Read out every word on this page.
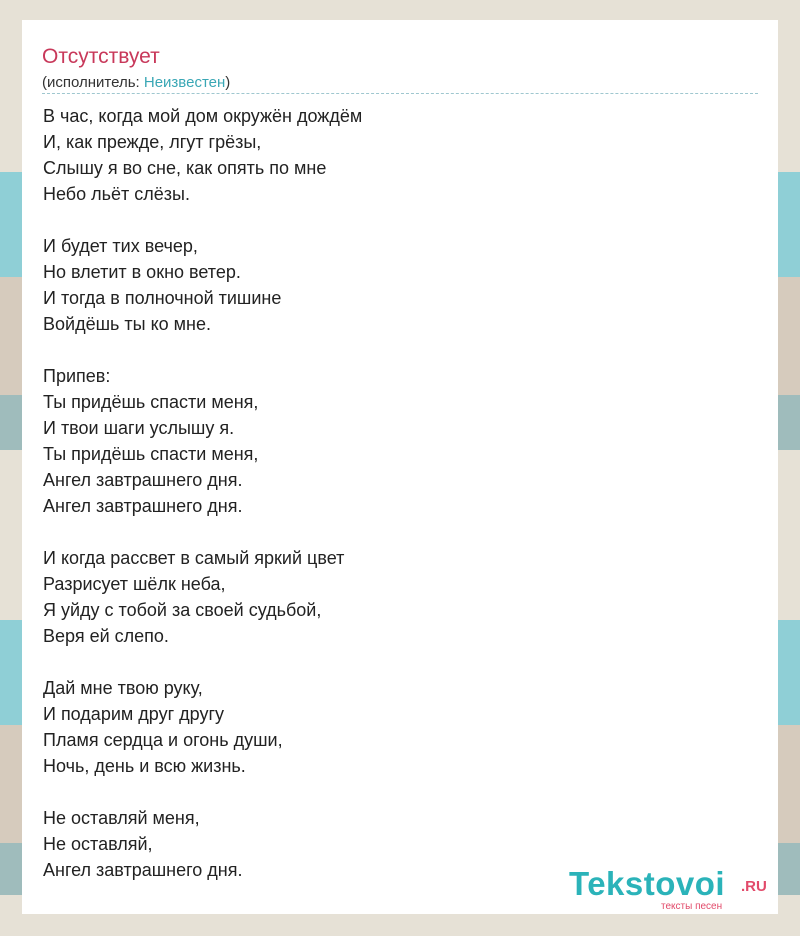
Отсутствует
(исполнитель: Неизвестен)
В час, когда мой дом окружён дождём
И, как прежде, лгут грёзы,
Слышу я во сне, как опять по мне
Небо льёт слёзы.
И будет тих вечер,
Но влетит в окно ветер.
И тогда в полночной тишине
Войдёшь ты ко мне.
Припев:
Ты придёшь спасти меня,
И твои шаги услышу я.
Ты придёшь спасти меня,
Ангел завтрашнего дня.
Ангел завтрашнего дня.
И когда рассвет в самый яркий цвет
Разрисует шёлк неба,
Я уйду с тобой за своей судьбой,
Веря ей слепо.
Дай мне твою руку,
И подарим друг другу
Пламя сердца и огонь души,
Ночь, день и всю жизнь.
Не оставляй меня,
Не оставляй,
Ангел завтрашнего дня.	Tekstovoi .RU
тексты песен
